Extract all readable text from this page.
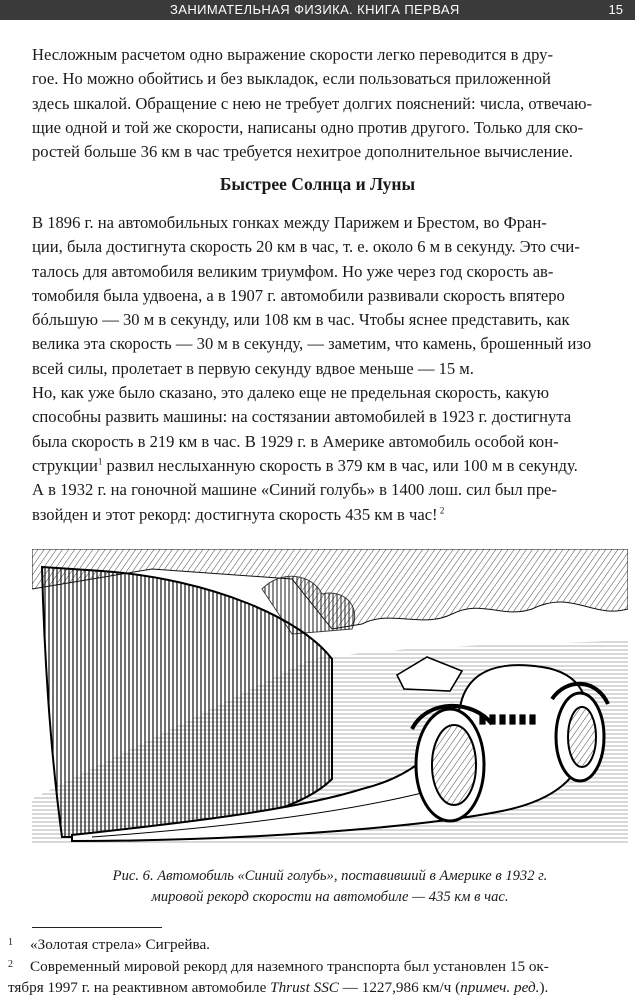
ЗАНИМАТЕЛЬНАЯ ФИЗИКА. КНИГА ПЕРВАЯ	15
Несложным расчетом одно выражение скорости легко переводится в дру-
гое. Но можно обойтись и без выкладок, если пользоваться приложенной
здесь шкалой. Обращение с нею не требует долгих пояснений: числа, отвечаю-
щие одной и той же скорости, написаны одно против другого. Только для ско-
ростей больше 36 км в час требуется нехитрое дополнительное вычисление.
Быстрее Солнца и Луны
В 1896 г. на автомобильных гонках между Парижем и Брестом, во Фран-
ции, была достигнута скорость 20 км в час, т. е. около 6 м в секунду. Это счи-
талось для автомобиля великим триумфом. Но уже через год скорость ав-
томобиля была удвоена, а в 1907 г. автомобили развивали скорость впятеро
бóльшую — 30 м в секунду, или 108 км в час. Чтобы яснее представить, как
велика эта скорость — 30 м в секунду, — заметим, что камень, брошенный изо
всей силы, пролетает в первую секунду вдвое меньше — 15 м.
Но, как уже было сказано, это далеко еще не предельная скорость, какую
способны развить машины: на состязании автомобилей в 1923 г. достигнута
была скорость в 219 км в час. В 1929 г. в Америке автомобиль особой кон-
струкции$^1$ развил неслыханную скорость в 379 км в час, или 100 м в секунду.
А в 1932 г. на гоночной машине «Синий голубь» в 1400 лош. сил был пре-
взойден и этот рекорд: достигнута скорость 435 км в час! $^2$
Рис. 6. Автомобиль «Синий голубь», поставивший в Америке в 1932 г.
мировой рекорд скорости на автомобиле — 435 км в час.
1 «Золотая стрела» Сигрейва.
2 Современный мировой рекорд для наземного транспорта был установлен 15 ок-
тября 1997 г. на реактивном автомобиле Thrust SSC — 1227,986 км/ч (примеч. ред.).
